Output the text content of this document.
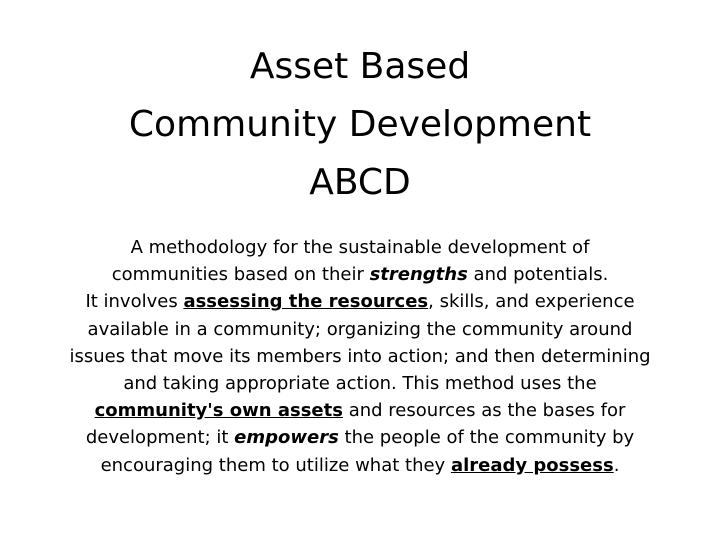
Asset Based
Community Development
ABCD

A methodology for the sustainable development of
communities based on their strengths and potentials.
It involves assessing the resources, skills, and experience
available in a community; organizing the community around
issues that move its members into action; and then determining
and taking appropriate action. This method uses the
community's own assets and resources as the bases for
development; it empowers the people of the community by
encouraging them to utilize what they already possess.
